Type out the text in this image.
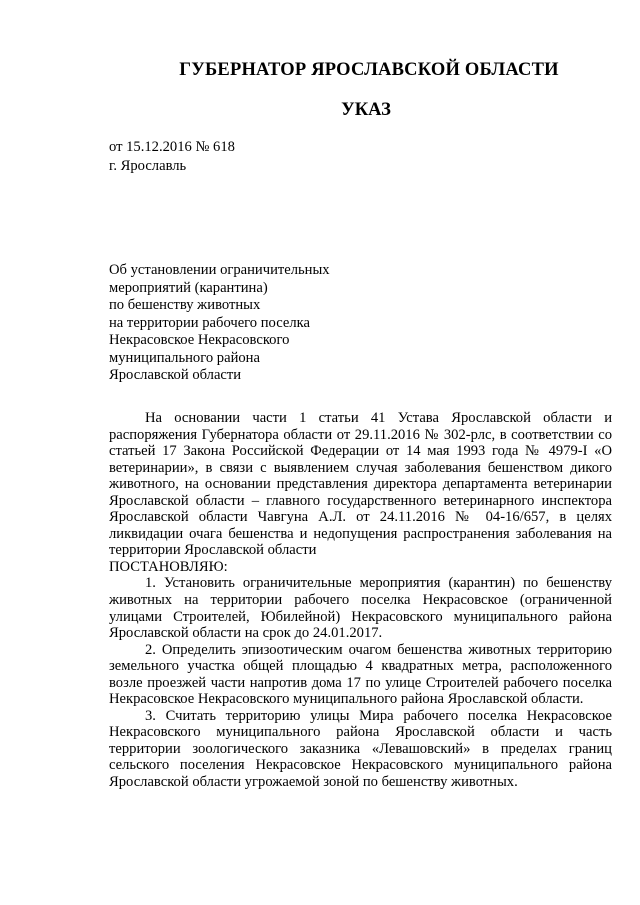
ГУБЕРНАТОР ЯРОСЛАВСКОЙ ОБЛАСТИ
УКАЗ
от 15.12.2016 № 618
г. Ярославль
Об установлении ограничительных
мероприятий (карантина)
по бешенству животных
на территории рабочего поселка
Некрасовское Некрасовского
муниципального района
Ярославской области

На основании части 1 статьи 41 Устава Ярославской области и распоряжения Губернатора области от 29.11.2016 № 302-рлс, в соответствии со статьей 17 Закона Российской Федерации от 14 мая 1993 года № 4979-I «О ветеринарии», в связи с выявлением случая заболевания бешенством дикого животного, на основании представления директора департамента ветеринарии Ярославской области – главного государственного ветеринарного инспектора Ярославской области Чавгуна А.Л. от 24.11.2016 № 04-16/657, в целях ликвидации очага бешенства и недопущения распространения заболевания на территории Ярославской области

ПОСТАНОВЛЯЮ:

1. Установить ограничительные мероприятия (карантин) по бешенству животных на территории рабочего поселка Некрасовское (ограниченной улицами Строителей, Юбилейной) Некрасовского муниципального района Ярославской области на срок до 24.01.2017.

2. Определить эпизоотическим очагом бешенства животных территорию земельного участка общей площадью 4 квадратных метра, расположенного возле проезжей части напротив дома 17 по улице Строителей рабочего поселка Некрасовское Некрасовского муниципального района Ярославской области.

3. Считать территорию улицы Мира рабочего поселка Некрасовское Некрасовского муниципального района Ярославской области и часть территории зоологического заказника «Левашовский» в пределах границ сельского поселения Некрасовское Некрасовского муниципального района Ярославской области угрожаемой зоной по бешенству животных.
